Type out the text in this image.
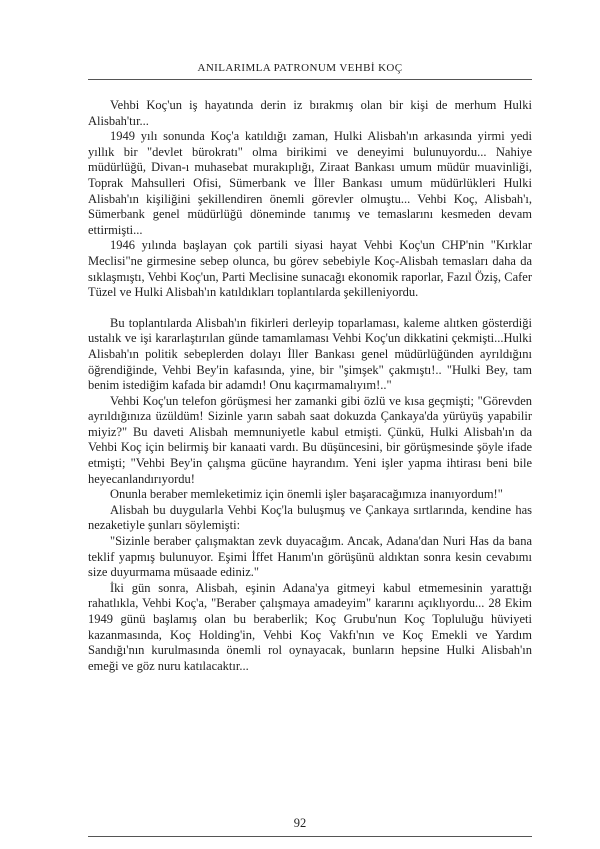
ANILARIMLA PATRONUM VEHBİ KOÇ

Vehbi Koç'un iş hayatında derin iz bırakmış olan bir kişi de merhum Hulki Alisbah'tır...

1949 yılı sonunda Koç'a katıldığı zaman, Hulki Alisbah'ın arkasında yirmi yedi yıllık bir "devlet bürokratı" olma birikimi ve deneyimi bulunuyordu... Nahiye müdürlüğü, Divan-ı muhasebat murakıplığı, Ziraat Bankası umum müdür muavinliği, Toprak Mahsulleri Ofisi, Sümerbank ve İller Bankası umum müdürlükleri Hulki Alisbah'ın kişiliğini şekillendiren önemli görevler olmuştu... Vehbi Koç, Alisbah'ı, Sümerbank genel müdürlüğü döneminde tanımış ve temaslarını kesmeden devam ettirmişti...

1946 yılında başlayan çok partili siyasi hayat Vehbi Koç'un CHP'nin "Kırklar Meclisi"ne girmesine sebep olunca, bu görev sebebiyle Koç-Alisbah temasları daha da sıklaşmıştı, Vehbi Koç'un, Parti Meclisine sunacağı ekonomik raporlar, Fazıl Öziş, Cafer Tüzel ve Hulki Alisbah'ın katıldıkları toplantılarda şekilleniyordu.

Bu toplantılarda Alisbah'ın fikirleri derleyip toparlaması, kaleme alıtken gösterdiği ustalık ve işi kararlaştırılan günde tamamlaması Vehbi Koç'un dikkatini çekmişti...Hulki Alisbah'ın politik sebeplerden dolayı İller Bankası genel müdürlüğünden ayrıldığını öğrendiğinde, Vehbi Bey'in kafasında, yine, bir "şimşek" çakmıştı!.. "Hulki Bey, tam benim istediğim kafada bir adamdı! Onu kaçırmamalıyım!.."

Vehbi Koç'un telefon görüşmesi her zamanki gibi özlü ve kısa geçmişti; "Görevden ayrıldığınıza üzüldüm! Sizinle yarın sabah saat dokuzda Çankaya'da yürüyüş yapabilir miyiz?" Bu daveti Alisbah memnuniyetle kabul etmişti. Çünkü, Hulki Alisbah'ın da Vehbi Koç için belirmiş bir kanaati vardı. Bu düşüncesini, bir görüşmesinde şöyle ifade etmişti; "Vehbi Bey'in çalışma gücüne hayrandım. Yeni işler yapma ihtirası beni bile heyecanlandırıyordu!

Onunla beraber memleketimiz için önemli işler başaracağımıza inanıyordum!"

Alisbah bu duygularla Vehbi Koç'la buluşmuş ve Çankaya sırtlarında, kendine has nezaketiyle şunları söylemişti:

"Sizinle beraber çalışmaktan zevk duyacağım. Ancak, Adana'dan Nuri Has da bana teklif yapmış bulunuyor. Eşimi İffet Hanım'ın görüşünü aldıktan sonra kesin cevabımı size duyurmama müsaade ediniz."

İki gün sonra, Alisbah, eşinin Adana'ya gitmeyi kabul etmemesinin yarattığı rahatlıkla, Vehbi Koç'a, "Beraber çalışmaya amadeyim" kararını açıklıyordu... 28 Ekim 1949 günü başlamış olan bu beraberlik; Koç Grubu'nun Koç Topluluğu hüviyeti kazanmasında, Koç Holding'in, Vehbi Koç Vakfı'nın ve Koç Emekli ve Yardım Sandığı'nın kurulmasında önemli rol oynayacak, bunların hepsine Hulki Alisbah'ın emeği ve göz nuru katılacaktır...

92
